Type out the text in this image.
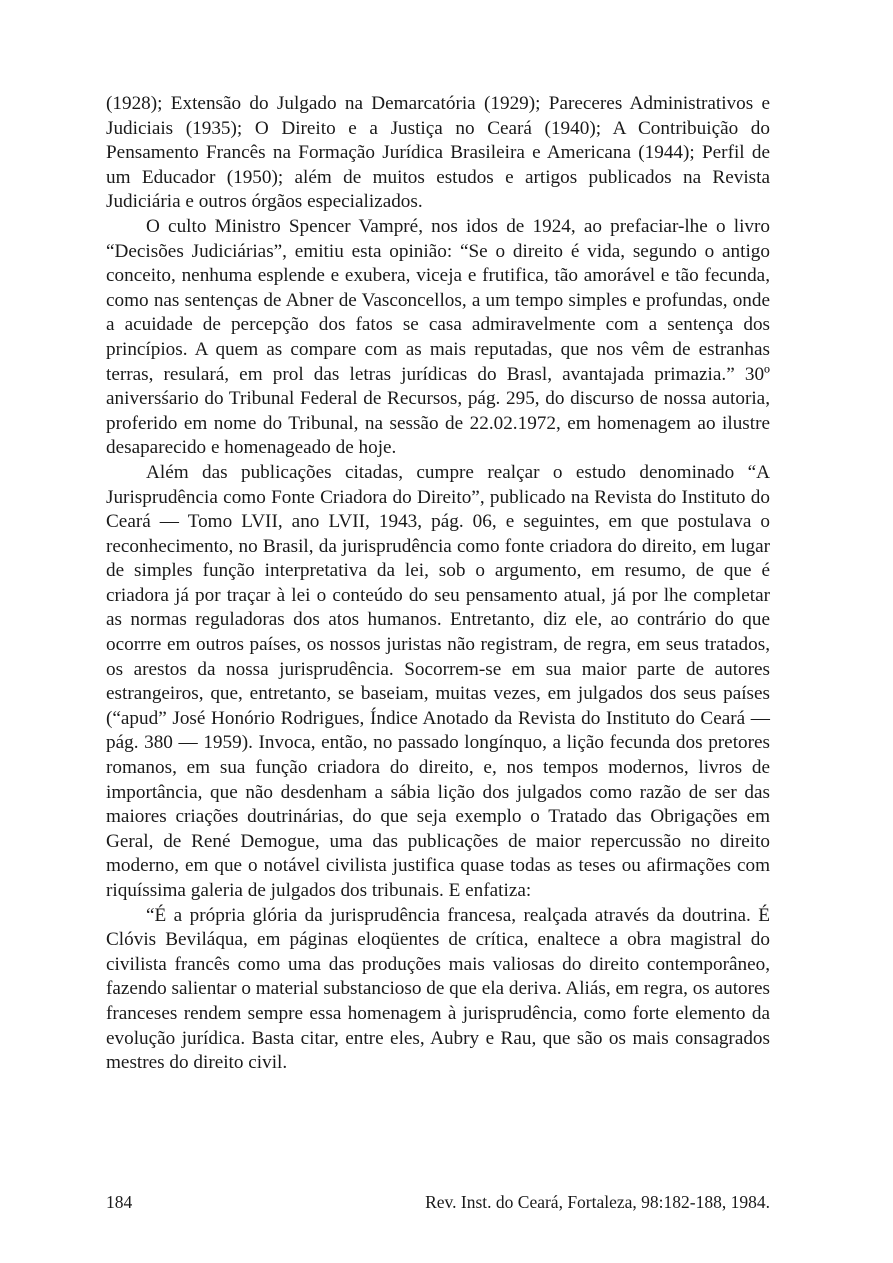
(1928); Extensão do Julgado na Demarcatória (1929); Pareceres Administrativos e Judiciais (1935); O Direito e a Justiça no Ceará (1940); A Contribuição do Pensamento Francês na Formação Jurídica Brasileira e Americana (1944); Perfil de um Educador (1950); além de muitos estudos e artigos publicados na Revista Judiciária e outros órgãos especializados.

O culto Ministro Spencer Vampré, nos idos de 1924, ao prefaciar-lhe o livro “Decisões Judiciárias”, emitiu esta opinião: “Se o direito é vida, segundo o antigo conceito, nenhuma esplende e exubera, viceja e frutifica, tão amorável e tão fecunda, como nas sentenças de Abner de Vasconcellos, a um tempo simples e profundas, onde a acuidade de percepção dos fatos se casa admiravelmente com a sentença dos princípios. A quem as compare com as mais reputadas, que nos vêm de estranhas terras, resulará, em prol das letras jurídicas do Brasl, avantajada primazia.” 30º aniversśario do Tribunal Federal de Recursos, pág. 295, do discurso de nossa autoria, proferido em nome do Tribunal, na sessão de 22.02.1972, em homenagem ao ilustre desaparecido e homenageado de hoje.

Além das publicações citadas, cumpre realçar o estudo denominado “A Jurisprudência como Fonte Criadora do Direito”, publicado na Revista do Instituto do Ceará — Tomo LVII, ano LVII, 1943, pág. 06, e seguintes, em que postulava o reconhecimento, no Brasil, da jurisprudência como fonte criadora do direito, em lugar de simples função interpretativa da lei, sob o argumento, em resumo, de que é criadora já por traçar à lei o conteúdo do seu pensamento atual, já por lhe completar as normas reguladoras dos atos humanos. Entretanto, diz ele, ao contrário do que ocorrre em outros países, os nossos juristas não registram, de regra, em seus tratados, os arestos da nossa jurisprudência. Socorrem-se em sua maior parte de autores estrangeiros, que, entretanto, se baseiam, muitas vezes, em julgados dos seus países (“apud” José Honório Rodrigues, Índice Anotado da Revista do Instituto do Ceará — pág. 380 — 1959). Invoca, então, no passado longínquo, a lição fecunda dos pretores romanos, em sua função criadora do direito, e, nos tempos modernos, livros de importância, que não desdenham a sábia lição dos julgados como razão de ser das maiores criações doutrinárias, do que seja exemplo o Tratado das Obrigações em Geral, de René Demogue, uma das publicações de maior repercussão no direito moderno, em que o notável civilista justifica quase todas as teses ou afirmações com riquíssima galeria de julgados dos tribunais. E enfatiza:

“É a própria glória da jurisprudência francesa, realçada através da doutrina. É Clóvis Beviláqua, em páginas eloqüentes de crítica, enaltece a obra magistral do civilista francês como uma das produções mais valiosas do direito contemporâneo, fazendo salientar o material substancioso de que ela deriva. Aliás, em regra, os autores franceses rendem sempre essa homenagem à jurisprudência, como forte elemento da evolução jurídica. Basta citar, entre eles, Aubry e Rau, que são os mais consagrados mestres do direito civil.

184	Rev. Inst. do Ceará, Fortaleza, 98:182-188, 1984.
